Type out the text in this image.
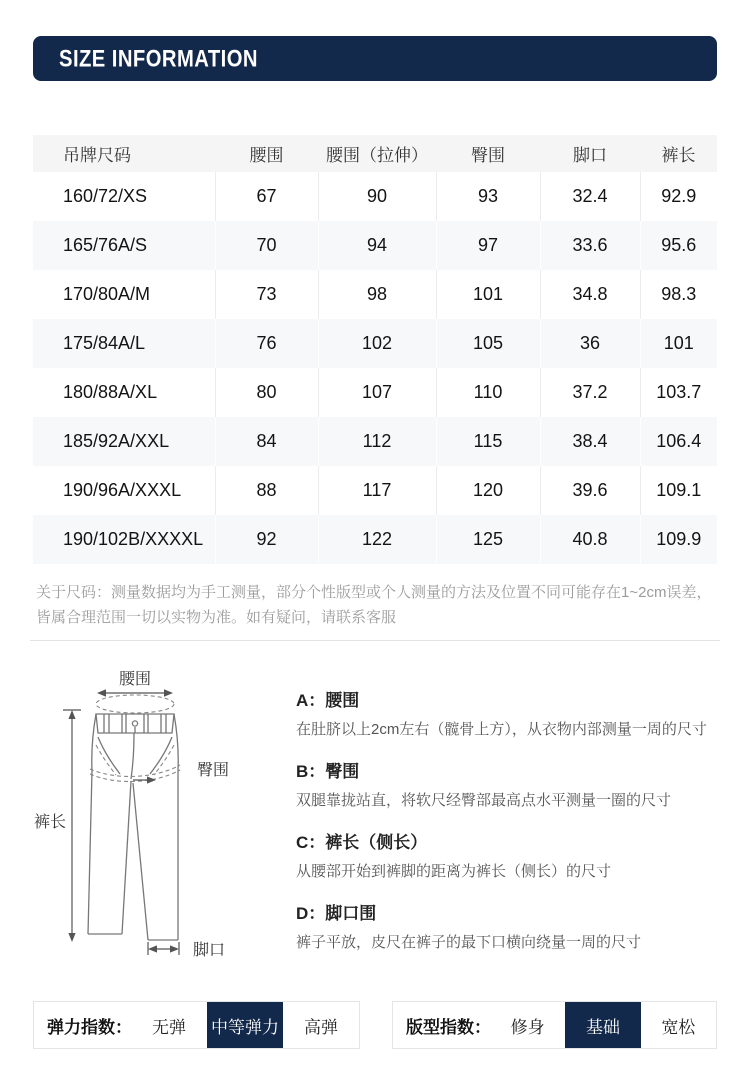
SIZE INFORMATION
吊牌尺码	腰围	腰围（拉伸）	臀围	脚口	裤长
160/72/XS	67	90	93	32.4	92.9
165/76A/S	70	94	97	33.6	95.6
170/80A/M	73	98	101	34.8	98.3
175/84A/L	76	102	105	36	101
180/88A/XL	80	107	110	37.2	103.7
185/92A/XXL	84	112	115	38.4	106.4
190/96A/XXXL	88	117	120	39.6	109.1
190/102B/XXXXL	92	122	125	40.8	109.9
关于尺码：测量数据均为手工测量，部分个性版型或个人测量的方法及位置不同可能存在1~2cm误差，皆属合理范围一切以实物为准。如有疑问，请联系客服
腰围
臀围
裤长
脚口
A：腰围
在肚脐以上2cm左右（髋骨上方），从衣物内部测量一周的尺寸
B：臀围
双腿靠拢站直，将软尺经臀部最高点水平测量一圈的尺寸
C：裤长（侧长）
从腰部开始到裤脚的距离为裤长（侧长）的尺寸
D：脚口围
裤子平放，皮尺在裤子的最下口横向绕量一周的尺寸
弹力指数：	无弹	中等弹力	高弹	版型指数：	修身	基础	宽松
